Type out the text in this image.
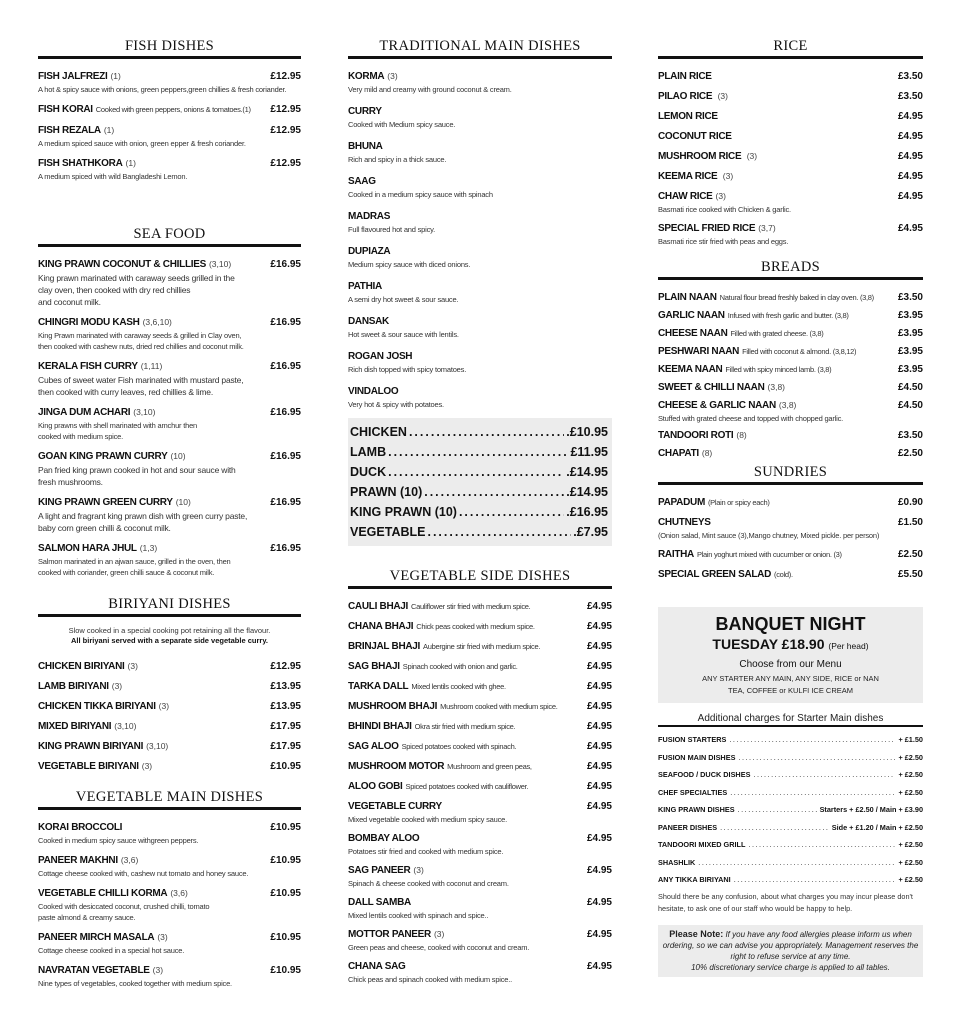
FISH DISHES
FISH JALFREZI (1)	£12.95
A hot & spicy sauce with onions, green peppers,green chillies & fresh coriander.
FISH KORAI Cooked with green peppers, onions & tomatoes.(1)	£12.95
FISH REZALA (1)	£12.95
A medium spiced sauce with onion, green epper & fresh coriander.
FISH SHATHKORA (1)	£12.95
A medium spiced with wild Bangladeshi Lemon.
SEA FOOD
KING PRAWN COCONUT & CHILLIES (3,10)	£16.95
King prawn marinated with caraway seeds grilled in the
clay oven, then cooked with dry red chillies
and coconut milk.
CHINGRI MODU KASH (3,6,10)	£16.95
King Prawn marinated with caraway seeds & grilled in Clay oven,
then cooked with cashew nuts, dried red chillies and coconut milk.
KERALA FISH CURRY (1,11)	£16.95
Cubes of sweet water Fish marinated with mustard paste,
then cooked with curry leaves, red chillies & lime.
JINGA DUM ACHARI (3,10)	£16.95
King prawns with shell marinated with amchur then
cooked with medium spice.
GOAN KING PRAWN CURRY (10)	£16.95
Pan fried king prawn cooked in hot and sour sauce with
fresh mushrooms.
KING PRAWN GREEN CURRY (10)	£16.95
A light and fragrant king prawn dish with green curry paste,
baby corn green chilli & coconut milk.
SALMON HARA JHUL (1,3)	£16.95
Salmon marinated in an ajwan sauce, grilled in the oven, then
cooked with coriander, green chilli sauce & coconut milk.
BIRIYANI DISHES
Slow cooked in a special cooking pot retaining all the flavour.
All biriyani served with a separate side vegetable curry.
CHICKEN BIRIYANI (3)	£12.95
LAMB BIRIYANI (3)	£13.95
CHICKEN TIKKA BIRIYANI (3)	£13.95
MIXED BIRIYANI (3,10)	£17.95
KING PRAWN BIRIYANI (3,10)	£17.95
VEGETABLE BIRIYANI (3)	£10.95
VEGETABLE MAIN DISHES
KORAI BROCCOLI	£10.95
Cooked in medium spicy sauce withgreen peppers.
PANEER MAKHNI (3,6)	£10.95
Cottage cheese cooked with, cashew nut tomato and honey sauce.
VEGETABLE CHILLI KORMA (3,6)	£10.95
Cooked with desiccated coconut, crushed chilli, tomato
paste almond & creamy sauce.
PANEER MIRCH MASALA (3)	£10.95
Cottage cheese cooked in a special hot sauce.
NAVRATAN VEGETABLE (3)	£10.95
Nine types of vegetables, cooked together with medium spice.
TRADITIONAL MAIN DISHES
KORMA (3)
Very mild and creamy with ground coconut & cream.
CURRY
Cooked with Medium spicy sauce.
BHUNA
Rich and spicy in a thick sauce.
SAAG
Cooked in a medium spicy sauce with spinach
MADRAS
Full flavoured hot and spicy.
DUPIAZA
Medium spicy sauce with diced onions.
PATHIA
A semi dry hot sweet & sour sauce.
DANSAK
Hot sweet & sour sauce with lentils.
ROGAN JOSH
Rich dish topped with spicy tomatoes.
VINDALOO
Very hot & spicy with potatoes.
CHICKEN .....	.£10.95
LAMB .....	£11.95
DUCK .....	.£14.95
PRAWN (10) .....	.£14.95
KING PRAWN (10) .....	.£16.95
VEGETABLE .....	.£7.95
VEGETABLE SIDE DISHES
CAULI BHAJI Cauliflower stir fried with medium spice.	£4.95
CHANA BHAJI Chick peas cooked with medium spice.	£4.95
BRINJAL BHAJI Aubergine stir fried with medium spice.	£4.95
SAG BHAJI Spinach cooked with onion and garlic.	£4.95
TARKA DALL Mixed lentils cooked with ghee.	£4.95
MUSHROOM BHAJI Mushroom cooked with medium spice.	£4.95
BHINDI BHAJI Okra stir fried with medium spice.	£4.95
SAG ALOO Spiced potatoes cooked with spinach.	£4.95
MUSHROOM MOTOR Mushroom and green peas,	£4.95
ALOO GOBI Spiced potatoes cooked with cauliflower.	£4.95
VEGETABLE CURRY	£4.95
Mixed vegetable cooked with medium spicy sauce.
BOMBAY ALOO	£4.95
Potatoes stir fried and cooked with medium spice.
SAG PANEER (3)	£4.95
Spinach & cheese cooked with coconut and cream.
DALL SAMBA	£4.95
Mixed lentils cooked with spinach and spice..
MOTTOR PANEER (3)	£4.95
Green peas and cheese, cooked with coconut and cream.
CHANA SAG	£4.95
Chick peas and spinach cooked with medium spice..
RICE
PLAIN RICE	£3.50
PILAO RICE (3)	£3.50
LEMON RICE	£4.95
COCONUT RICE	£4.95
MUSHROOM RICE (3)	£4.95
KEEMA RICE (3)	£4.95
CHAW RICE (3)	£4.95
Basmati rice cooked with Chicken & garlic.
SPECIAL FRIED RICE (3,7)	£4.95
Basmati rice stir fried with peas and eggs.
BREADS
PLAIN NAAN Natural flour bread freshly baked in clay oven. (3,8)	£3.50
GARLIC NAAN Infused with fresh garlic and butter. (3,8)	£3.95
CHEESE NAAN Filled with grated cheese. (3,8)	£3.95
PESHWARI NAAN Filled with coconut & almond. (3,8,12)	£3.95
KEEMA NAAN Filled with spicy minced lamb. (3,8)	£3.95
SWEET & CHILLI NAAN (3,8)	£4.50
CHEESE & GARLIC NAAN (3,8)	£4.50
Stuffed with grated cheese and topped with chopped garlic.
TANDOORI ROTI (8)	£3.50
CHAPATI (8)	£2.50
SUNDRIES
PAPADUM (Plain or spicy each)	£0.90
CHUTNEYS	£1.50
(Onion salad, Mint sauce (3),Mango chutney, Mixed pickle. per person)
RAITHA Plain yoghurt mixed with cucumber or onion. (3)	£2.50
SPECIAL GREEN SALAD (cold).	£5.50
BANQUET NIGHT
TUESDAY £18.90 (Per head)
Choose from our Menu
ANY STARTER ANY MAIN, ANY SIDE, RICE or NAN
TEA, COFFEE or KULFI ICE CREAM
Additional charges for Starter Main dishes
FUSION STARTERS .....	+ £1.50
FUSION MAIN DISHES .....	+ £2.50
SEAFOOD / DUCK DISHES .....	+ £2.50
CHEF SPECIALTIES .....	+ £2.50
KING PRAWN DISHES .....	Starters + £2.50 / Main + £3.90
PANEER DISHES .....	Side + £1.20 / Main + £2.50
TANDOORI MIXED GRILL .....	+ £2.50
SHASHLIK .....	+ £2.50
ANY TIKKA BIRIYANI .....	+ £2.50
Should there be any confusion, about what charges you may incur please don't hesitate, to ask one of our staff who would be happy to help.
Please Note: If you have any food allergies please inform us when ordering, so we can advise you appropriately. Management reserves the right to refuse service at any time.
10% discretionary service charge is applied to all tables.
